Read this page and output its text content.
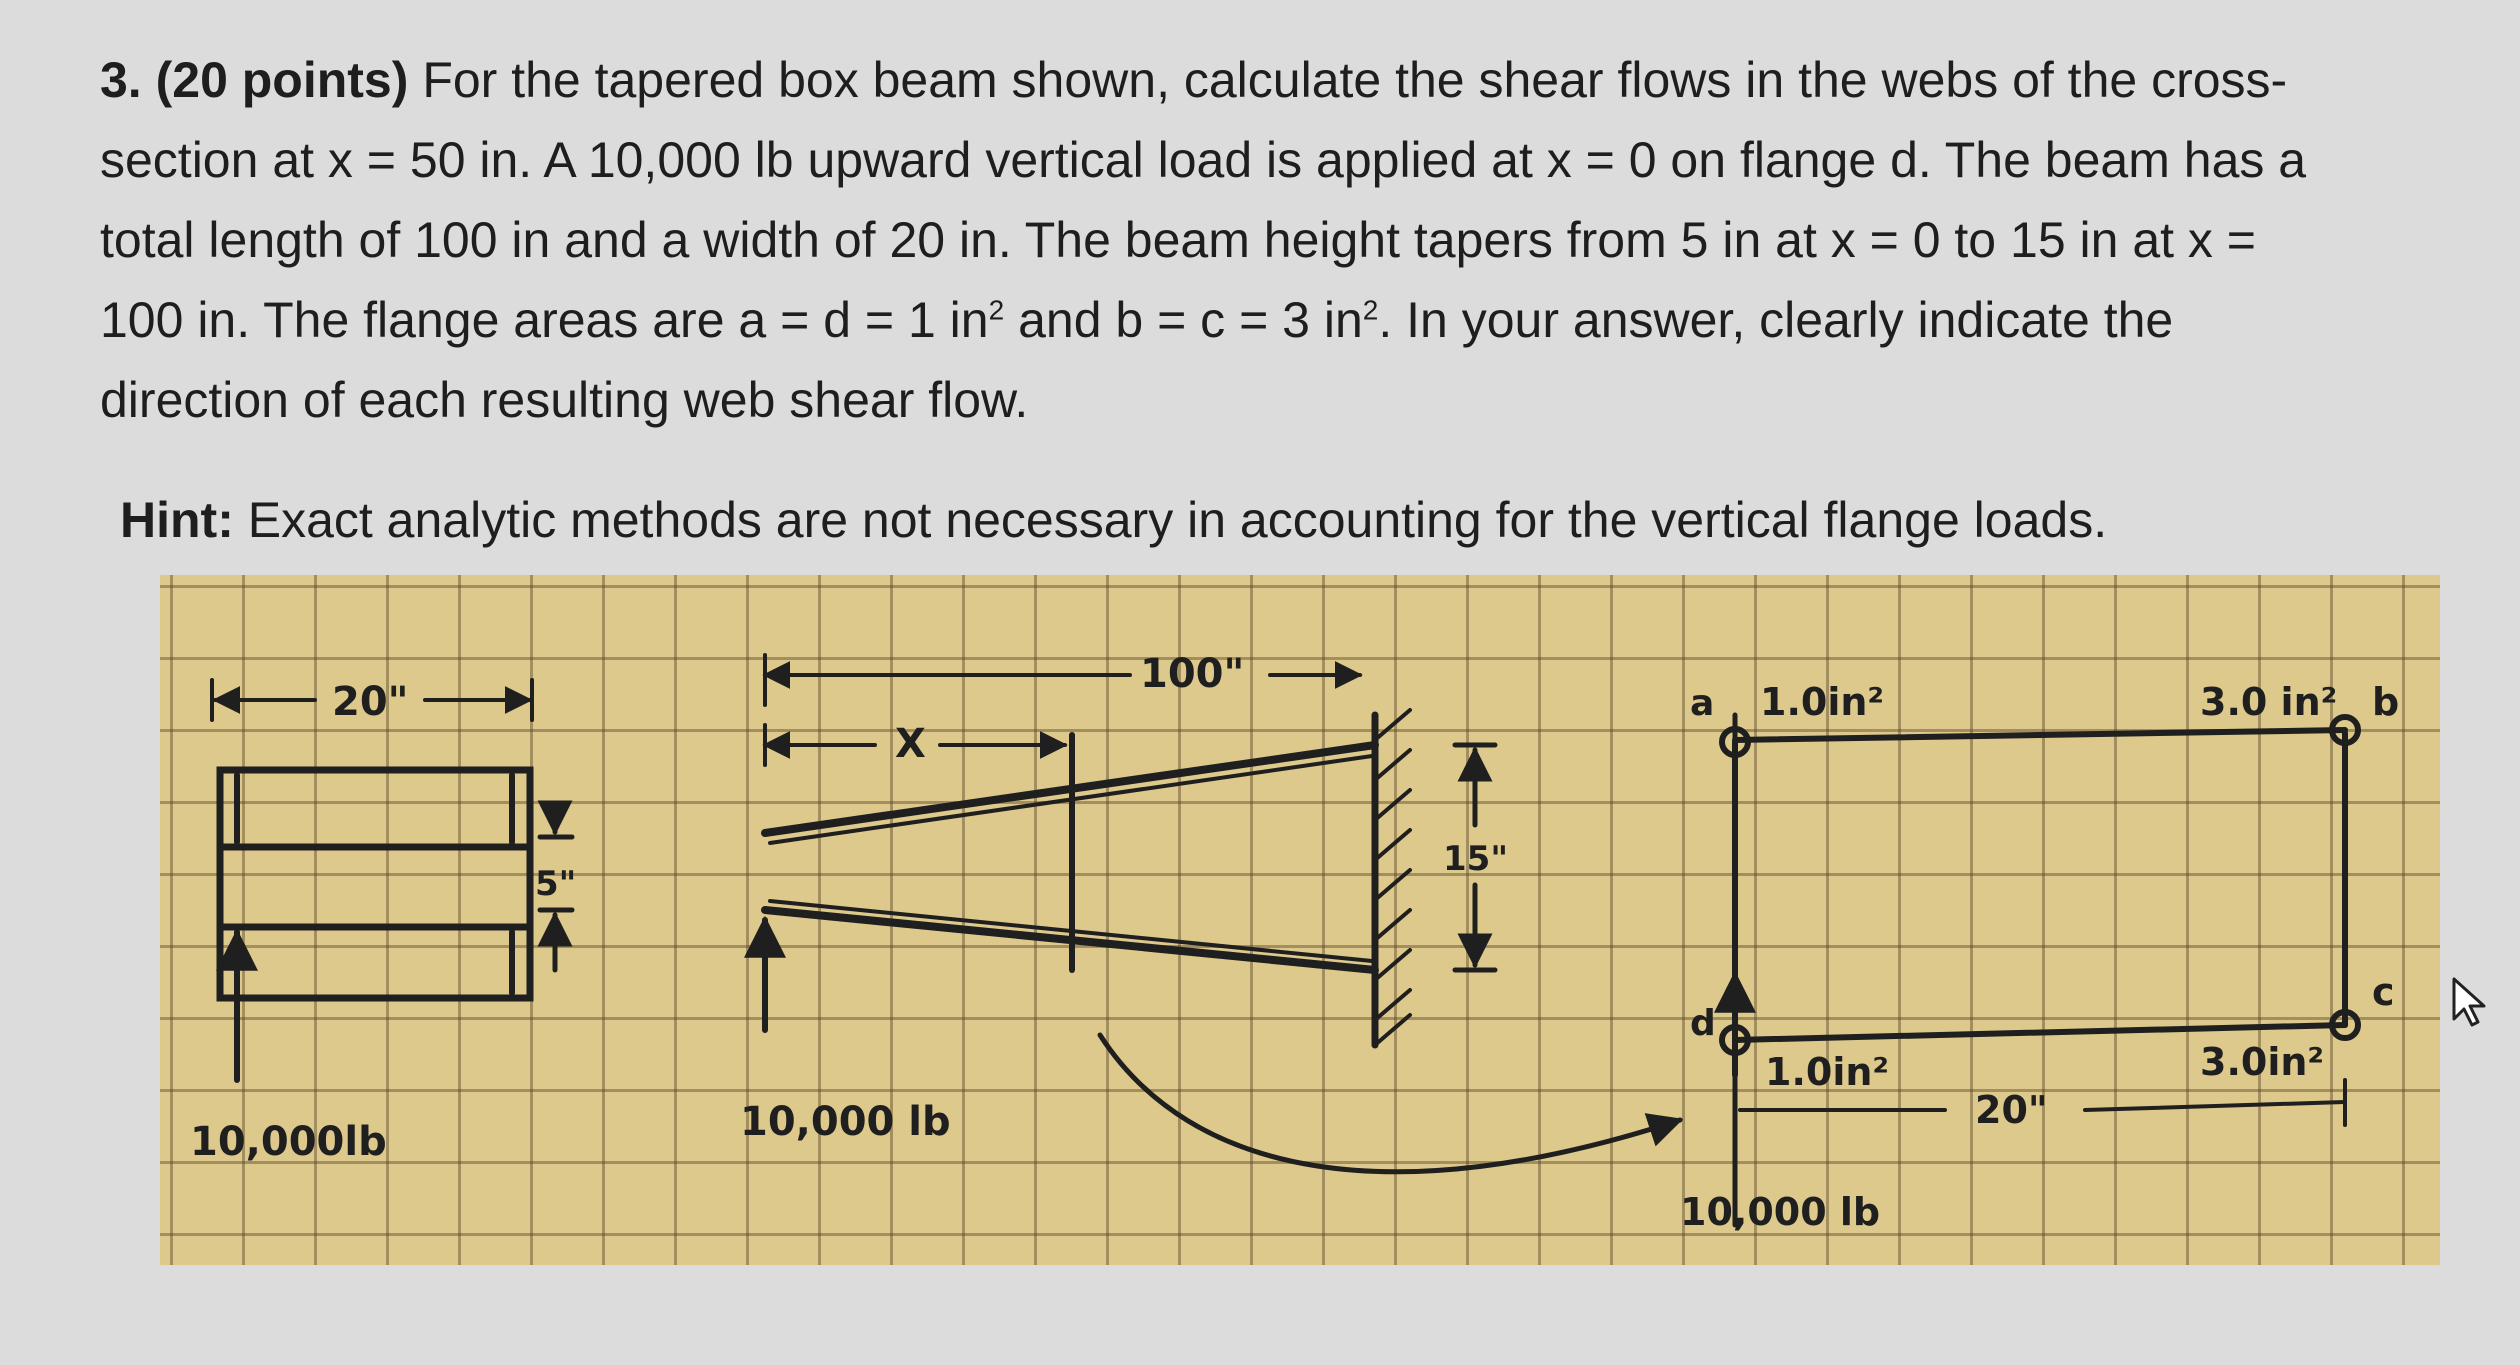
3. (20 points) For the tapered box beam shown, calculate the shear flows in the webs of the cross-
section at x = 50 in. A 10,000 lb upward vertical load is applied at x = 0 on flange d. The beam has a
total length of 100 in and a width of 20 in. The beam height tapers from 5 in at x = 0 to 15 in at x =
100 in. The flange areas are a = d = 1 $in^2$ and b = c = 3 $in^2$. In your answer, clearly indicate the
direction of each resulting web shear flow.
Hint: Exact analytic methods are not necessary in accounting for the vertical flange loads.
20"
10,000lb
100"
X
5"
15"
10,000 lb
a 1.0in²	3.0 in² b
c
d
1.0in²	3.0in²
20"
10,000 lb
